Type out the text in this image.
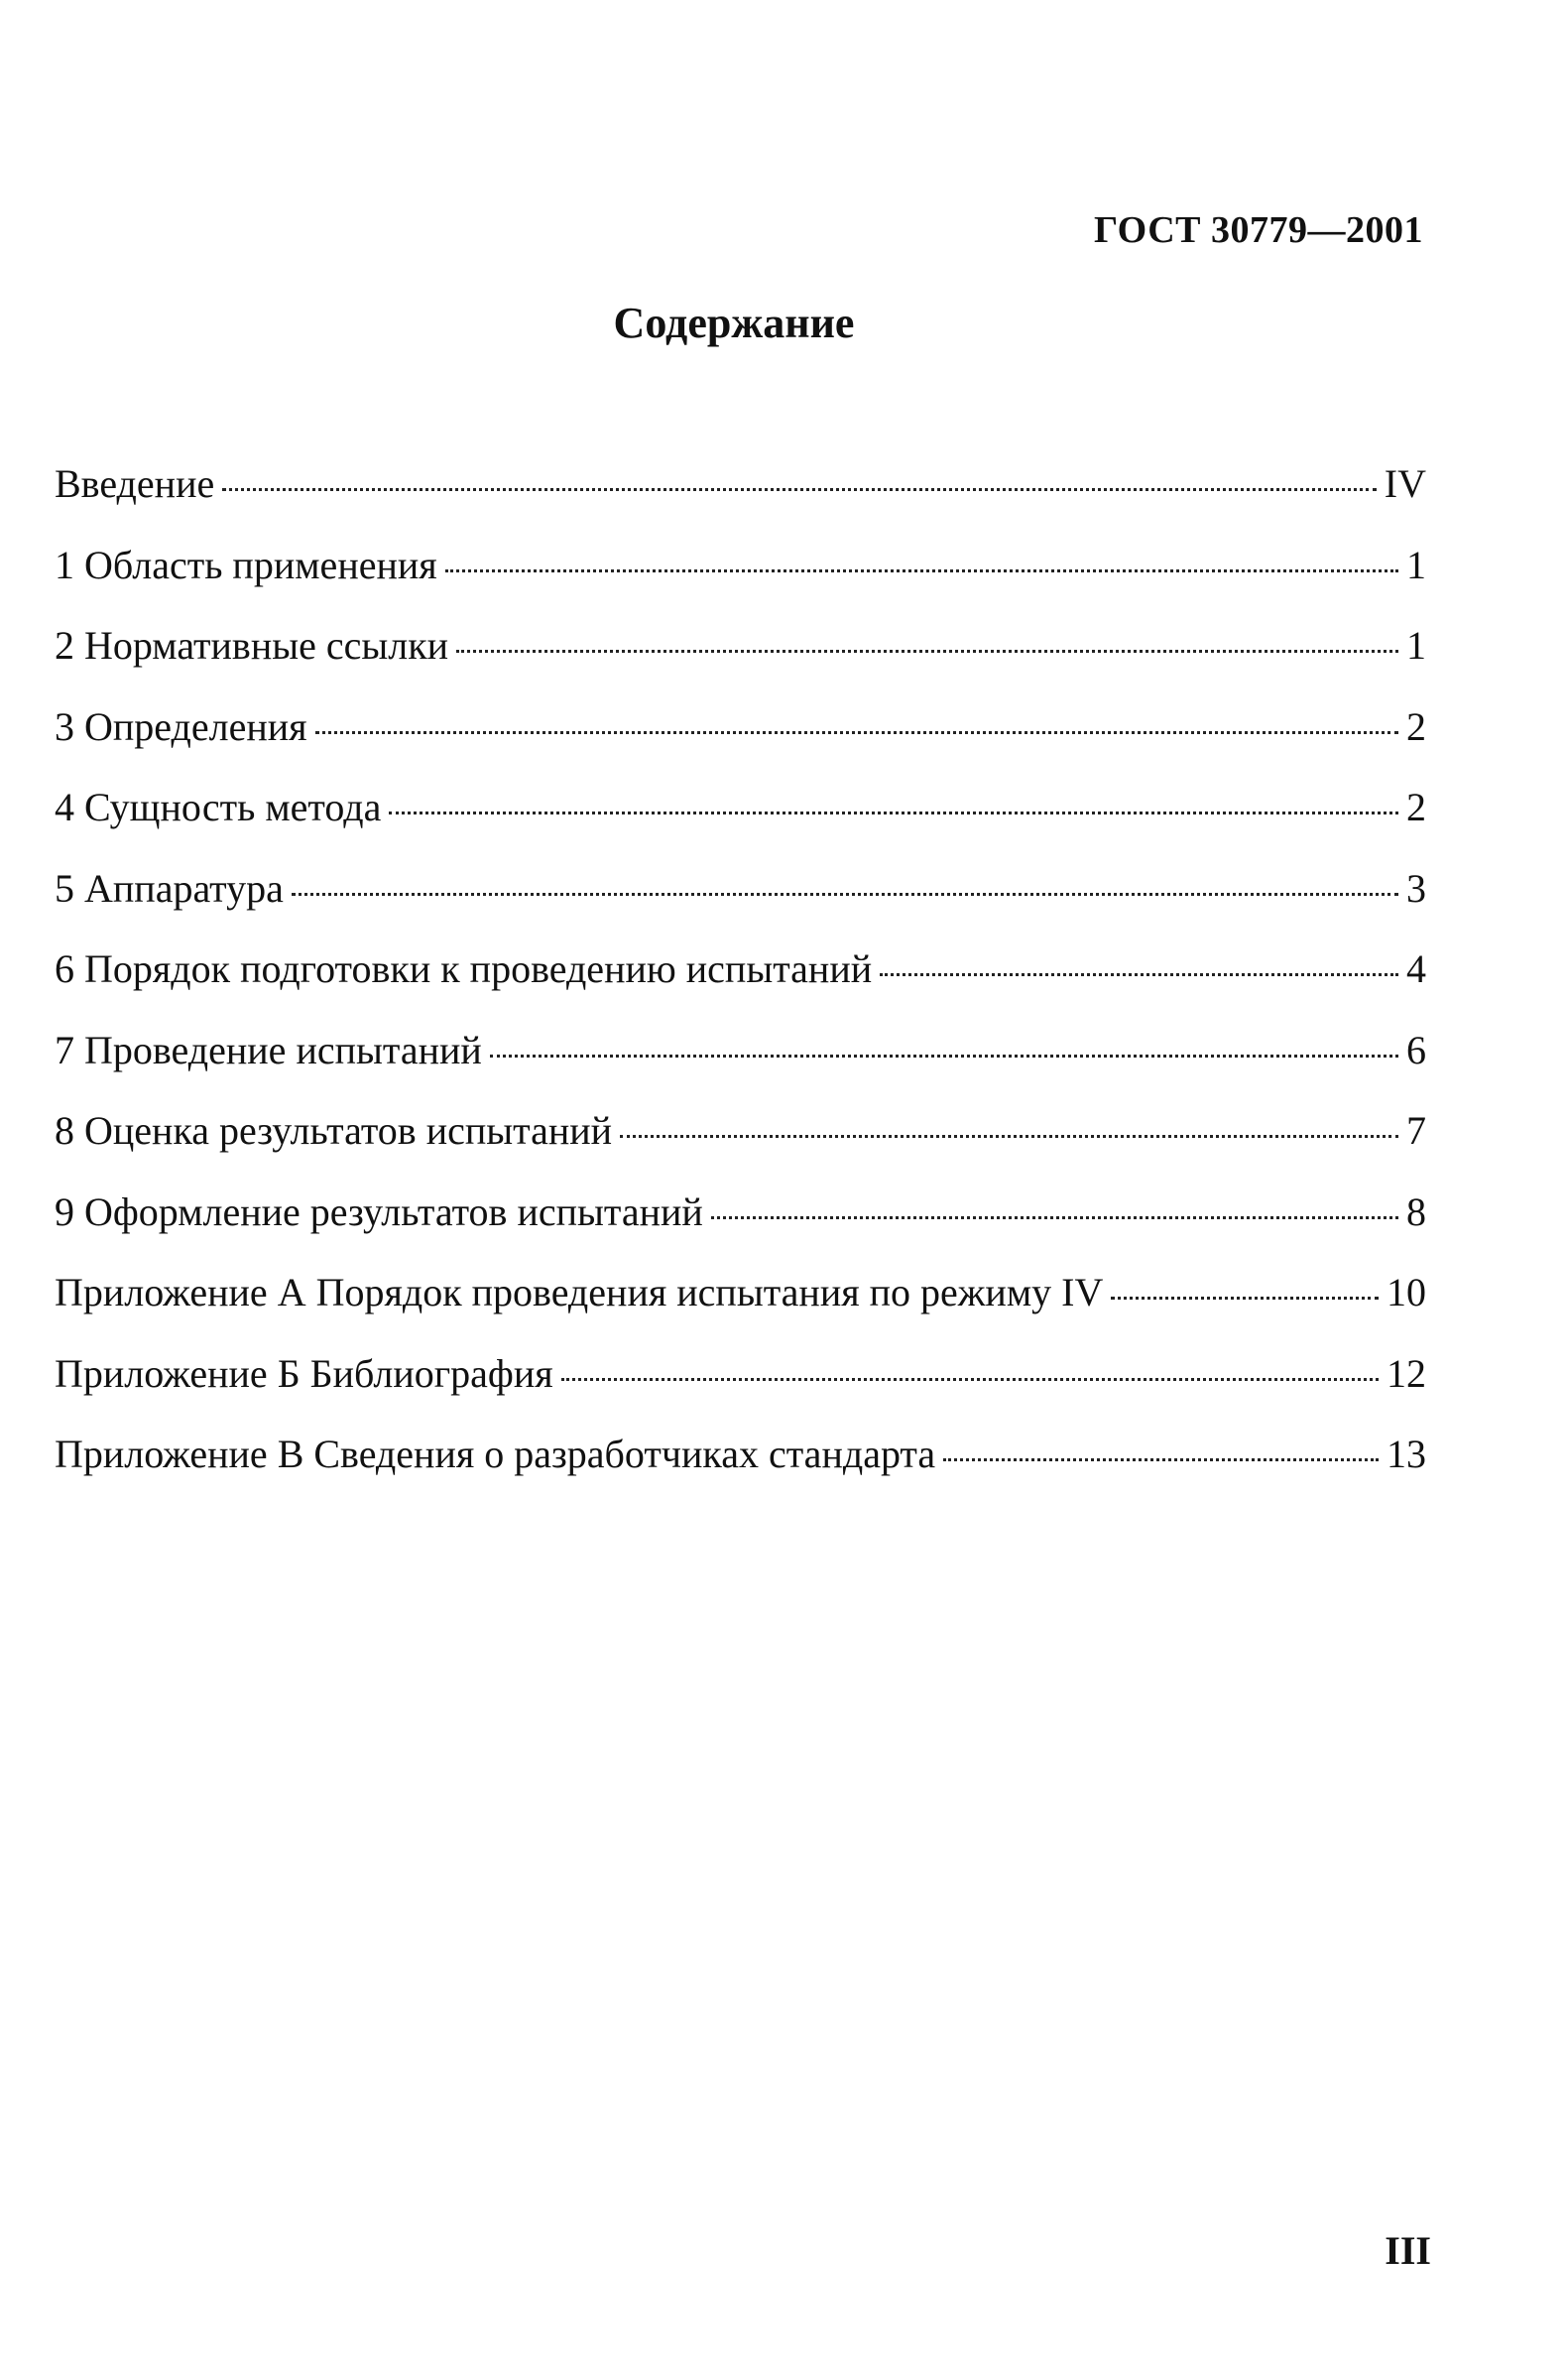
ГОСТ 30779—2001
Содержание
Введение	IV
1 Область применения	1
2 Нормативные ссылки	1
3 Определения	2
4 Сущность метода	2
5 Аппаратура	3
6 Порядок подготовки к проведению испытаний	4
7 Проведение испытаний	6
8 Оценка результатов испытаний	7
9 Оформление результатов испытаний	8
Приложение А Порядок проведения испытания по режиму IV	10
Приложение Б Библиография	12
Приложение В Сведения о разработчиках стандарта	13
III
